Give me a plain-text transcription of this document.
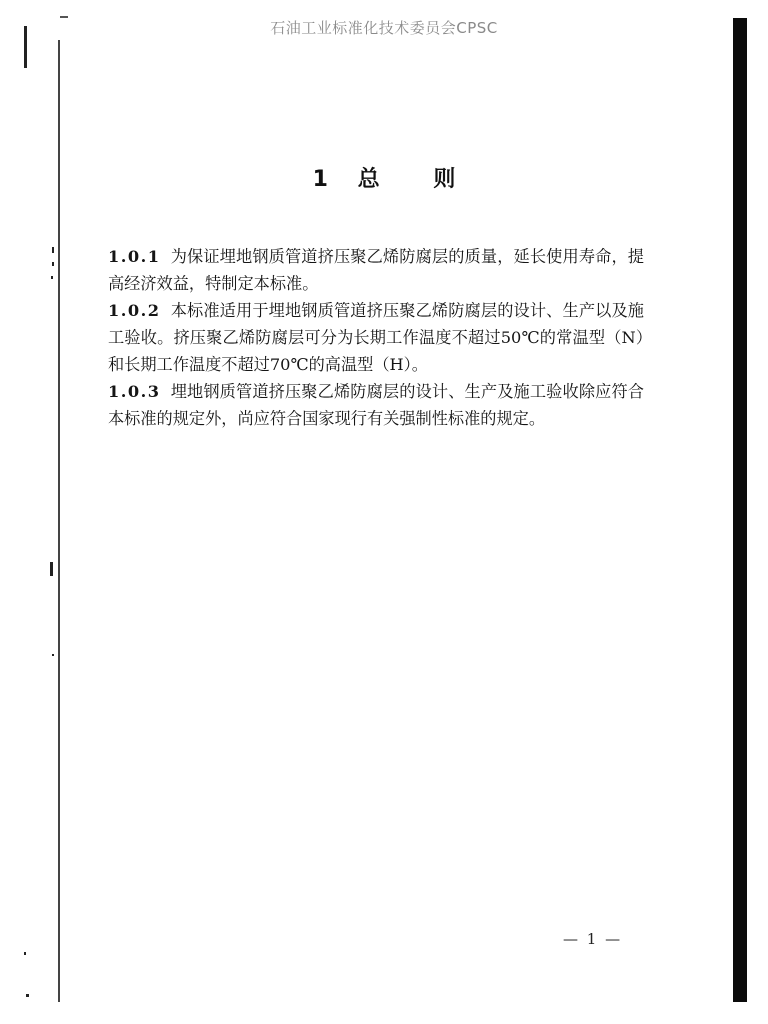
石油工业标准化技术委员会CPSC
1 总 则

1.0.1 为保证埋地钢质管道挤压聚乙烯防腐层的质量，延长使用寿命，提高经济效益，特制定本标准。

1.0.2 本标准适用于埋地钢质管道挤压聚乙烯防腐层的设计、生产以及施工验收。挤压聚乙烯防腐层可分为长期工作温度不超过50℃的常温型（N）和长期工作温度不超过70℃的高温型（H）。

1.0.3 埋地钢质管道挤压聚乙烯防腐层的设计、生产及施工验收除应符合本标准的规定外，尚应符合国家现行有关强制性标准的规定。

— 1 —
